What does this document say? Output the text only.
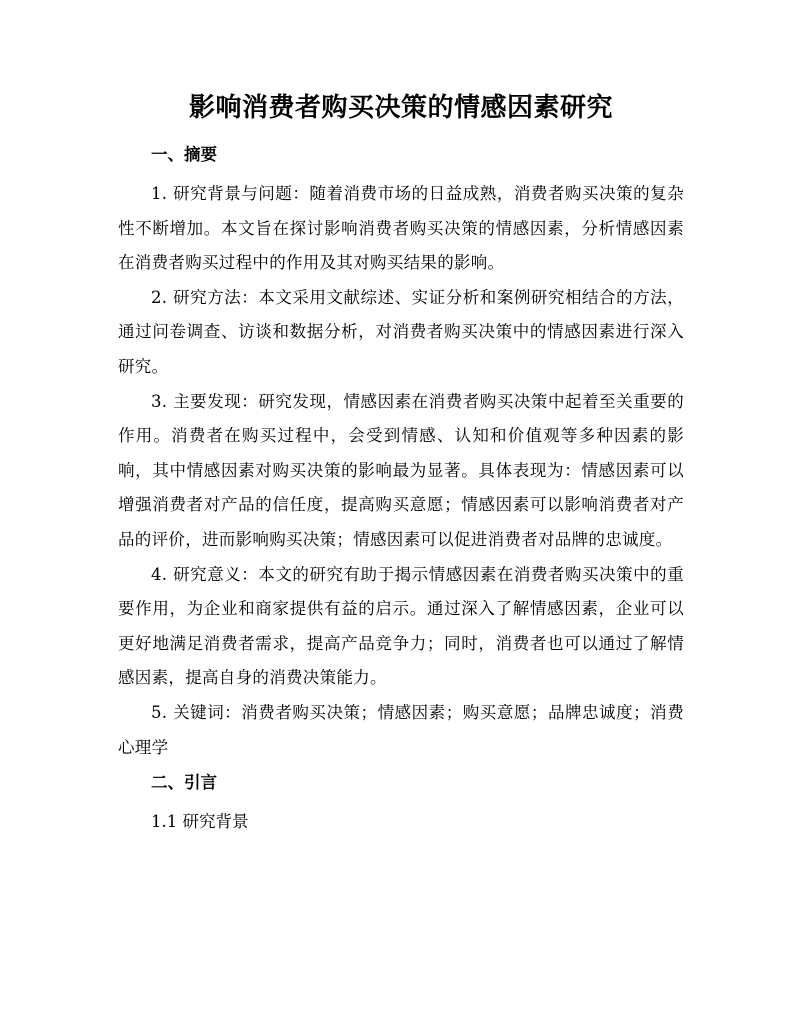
影响消费者购买决策的情感因素研究
一、摘要

1. 研究背景与问题：随着消费市场的日益成熟，消费者购买决策的复杂性不断增加。本文旨在探讨影响消费者购买决策的情感因素，分析情感因素在消费者购买过程中的作用及其对购买结果的影响。

2. 研究方法：本文采用文献综述、实证分析和案例研究相结合的方法，通过问卷调查、访谈和数据分析，对消费者购买决策中的情感因素进行深入研究。

3. 主要发现：研究发现，情感因素在消费者购买决策中起着至关重要的作用。消费者在购买过程中，会受到情感、认知和价值观等多种因素的影响，其中情感因素对购买决策的影响最为显著。具体表现为：情感因素可以增强消费者对产品的信任度，提高购买意愿；情感因素可以影响消费者对产品的评价，进而影响购买决策；情感因素可以促进消费者对品牌的忠诚度。

4. 研究意义：本文的研究有助于揭示情感因素在消费者购买决策中的重要作用，为企业和商家提供有益的启示。通过深入了解情感因素，企业可以更好地满足消费者需求，提高产品竞争力；同时，消费者也可以通过了解情感因素，提高自身的消费决策能力。

5. 关键词：消费者购买决策；情感因素；购买意愿；品牌忠诚度；消费心理学

二、引言

1.1 研究背景
